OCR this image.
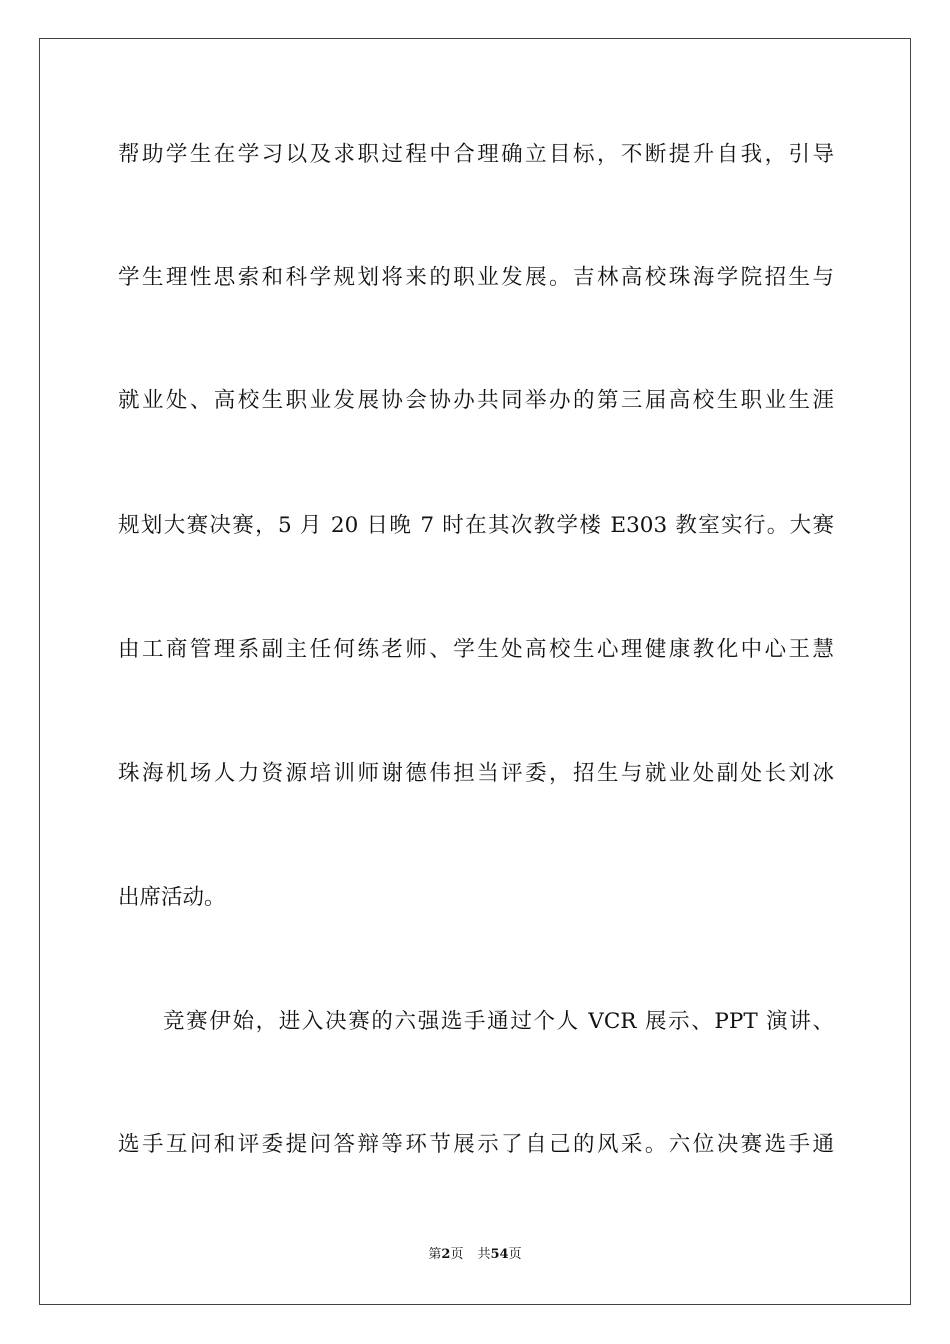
帮助学生在学习以及求职过程中合理确立目标，不断提升自我，引导
学生理性思索和科学规划将来的职业发展。吉林高校珠海学院招生与
就业处、高校生职业发展协会协办共同举办的第三届高校生职业生涯
规划大赛决赛，5 月 20 日晚 7 时在其次教学楼 E303 教室实行。大赛
由工商管理系副主任何练老师、学生处高校生心理健康教化中心王慧
珠海机场人力资源培训师谢德伟担当评委，招生与就业处副处长刘冰
出席活动。
竞赛伊始，进入决赛的六强选手通过个人 VCR 展示、PPT 演讲、
选手互问和评委提问答辩等环节展示了自己的风采。六位决赛选手通
第2页 共54页
